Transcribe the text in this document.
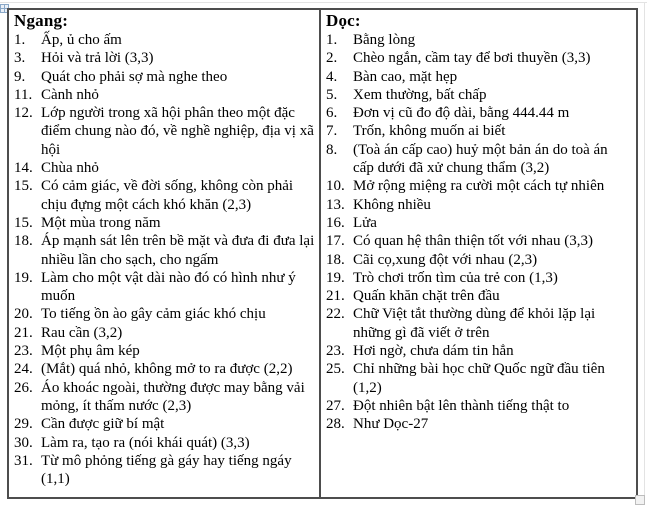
Ngang:
1.	Ấp, ủ cho ấm
3.	Hỏi và trả lời (3,3)
9.	Quát cho phải sợ mà nghe theo
11. Cành nhỏ
12. Lớp người trong xã hội phân theo một đặc điểm chung nào đó, về nghề nghiệp, địa vị xã hội
14. Chùa nhỏ
15. Có cảm giác, về đời sống, không còn phải chịu đựng một cách khó khăn (2,3)
15. Một mùa trong năm
18. Áp mạnh sát lên trên bề mặt và đưa đi đưa lại nhiều lần cho sạch, cho ngấm
19. Làm cho một vật dài nào đó có hình như ý muốn
20. To tiếng ồn ào gây cảm giác khó chịu
21. Rau cần (3,2)
23. Một phụ âm kép
24. (Mắt) quá nhỏ, không mở to ra được (2,2)
26. Áo khoác ngoài, thường được may bằng vải mỏng, ít thấm nước (2,3)
29. Cần được giữ bí mật
30. Làm ra, tạo ra (nói khái quát) (3,3)
31. Từ mô phỏng tiếng gà gáy hay tiếng ngáy (1,1)
Dọc:
1.	Bằng lòng
2.	Chèo ngắn, cầm tay để bơi thuyền (3,3)
4.	Bàn cao, mặt hẹp
5.	Xem thường, bất chấp
6.	Đơn vị cũ đo độ dài, bằng 444.44 m
7.	Trốn, không muốn ai biết
8.	(Toà án cấp cao) huỷ một bản án do toà án cấp dưới đã xử chung thẩm (3,2)
10. Mở rộng miệng ra cười một cách tự nhiên
13. Không nhiều
16. Lửa
17. Có quan hệ thân thiện tốt với nhau (3,3)
18. Cãi cọ,xung đột với nhau (2,3)
19. Trò chơi trốn tìm của trẻ con (1,3)
21. Quấn khăn chặt trên đầu
22. Chữ Việt tắt thường dùng để khỏi lặp lại những gì đã viết ở trên
23. Hơi ngờ, chưa dám tin hẳn
25. Chỉ những bài học chữ Quốc ngữ đầu tiên (1,2)
27. Đột nhiên bật lên thành tiếng thật to
28. Như Dọc-27
